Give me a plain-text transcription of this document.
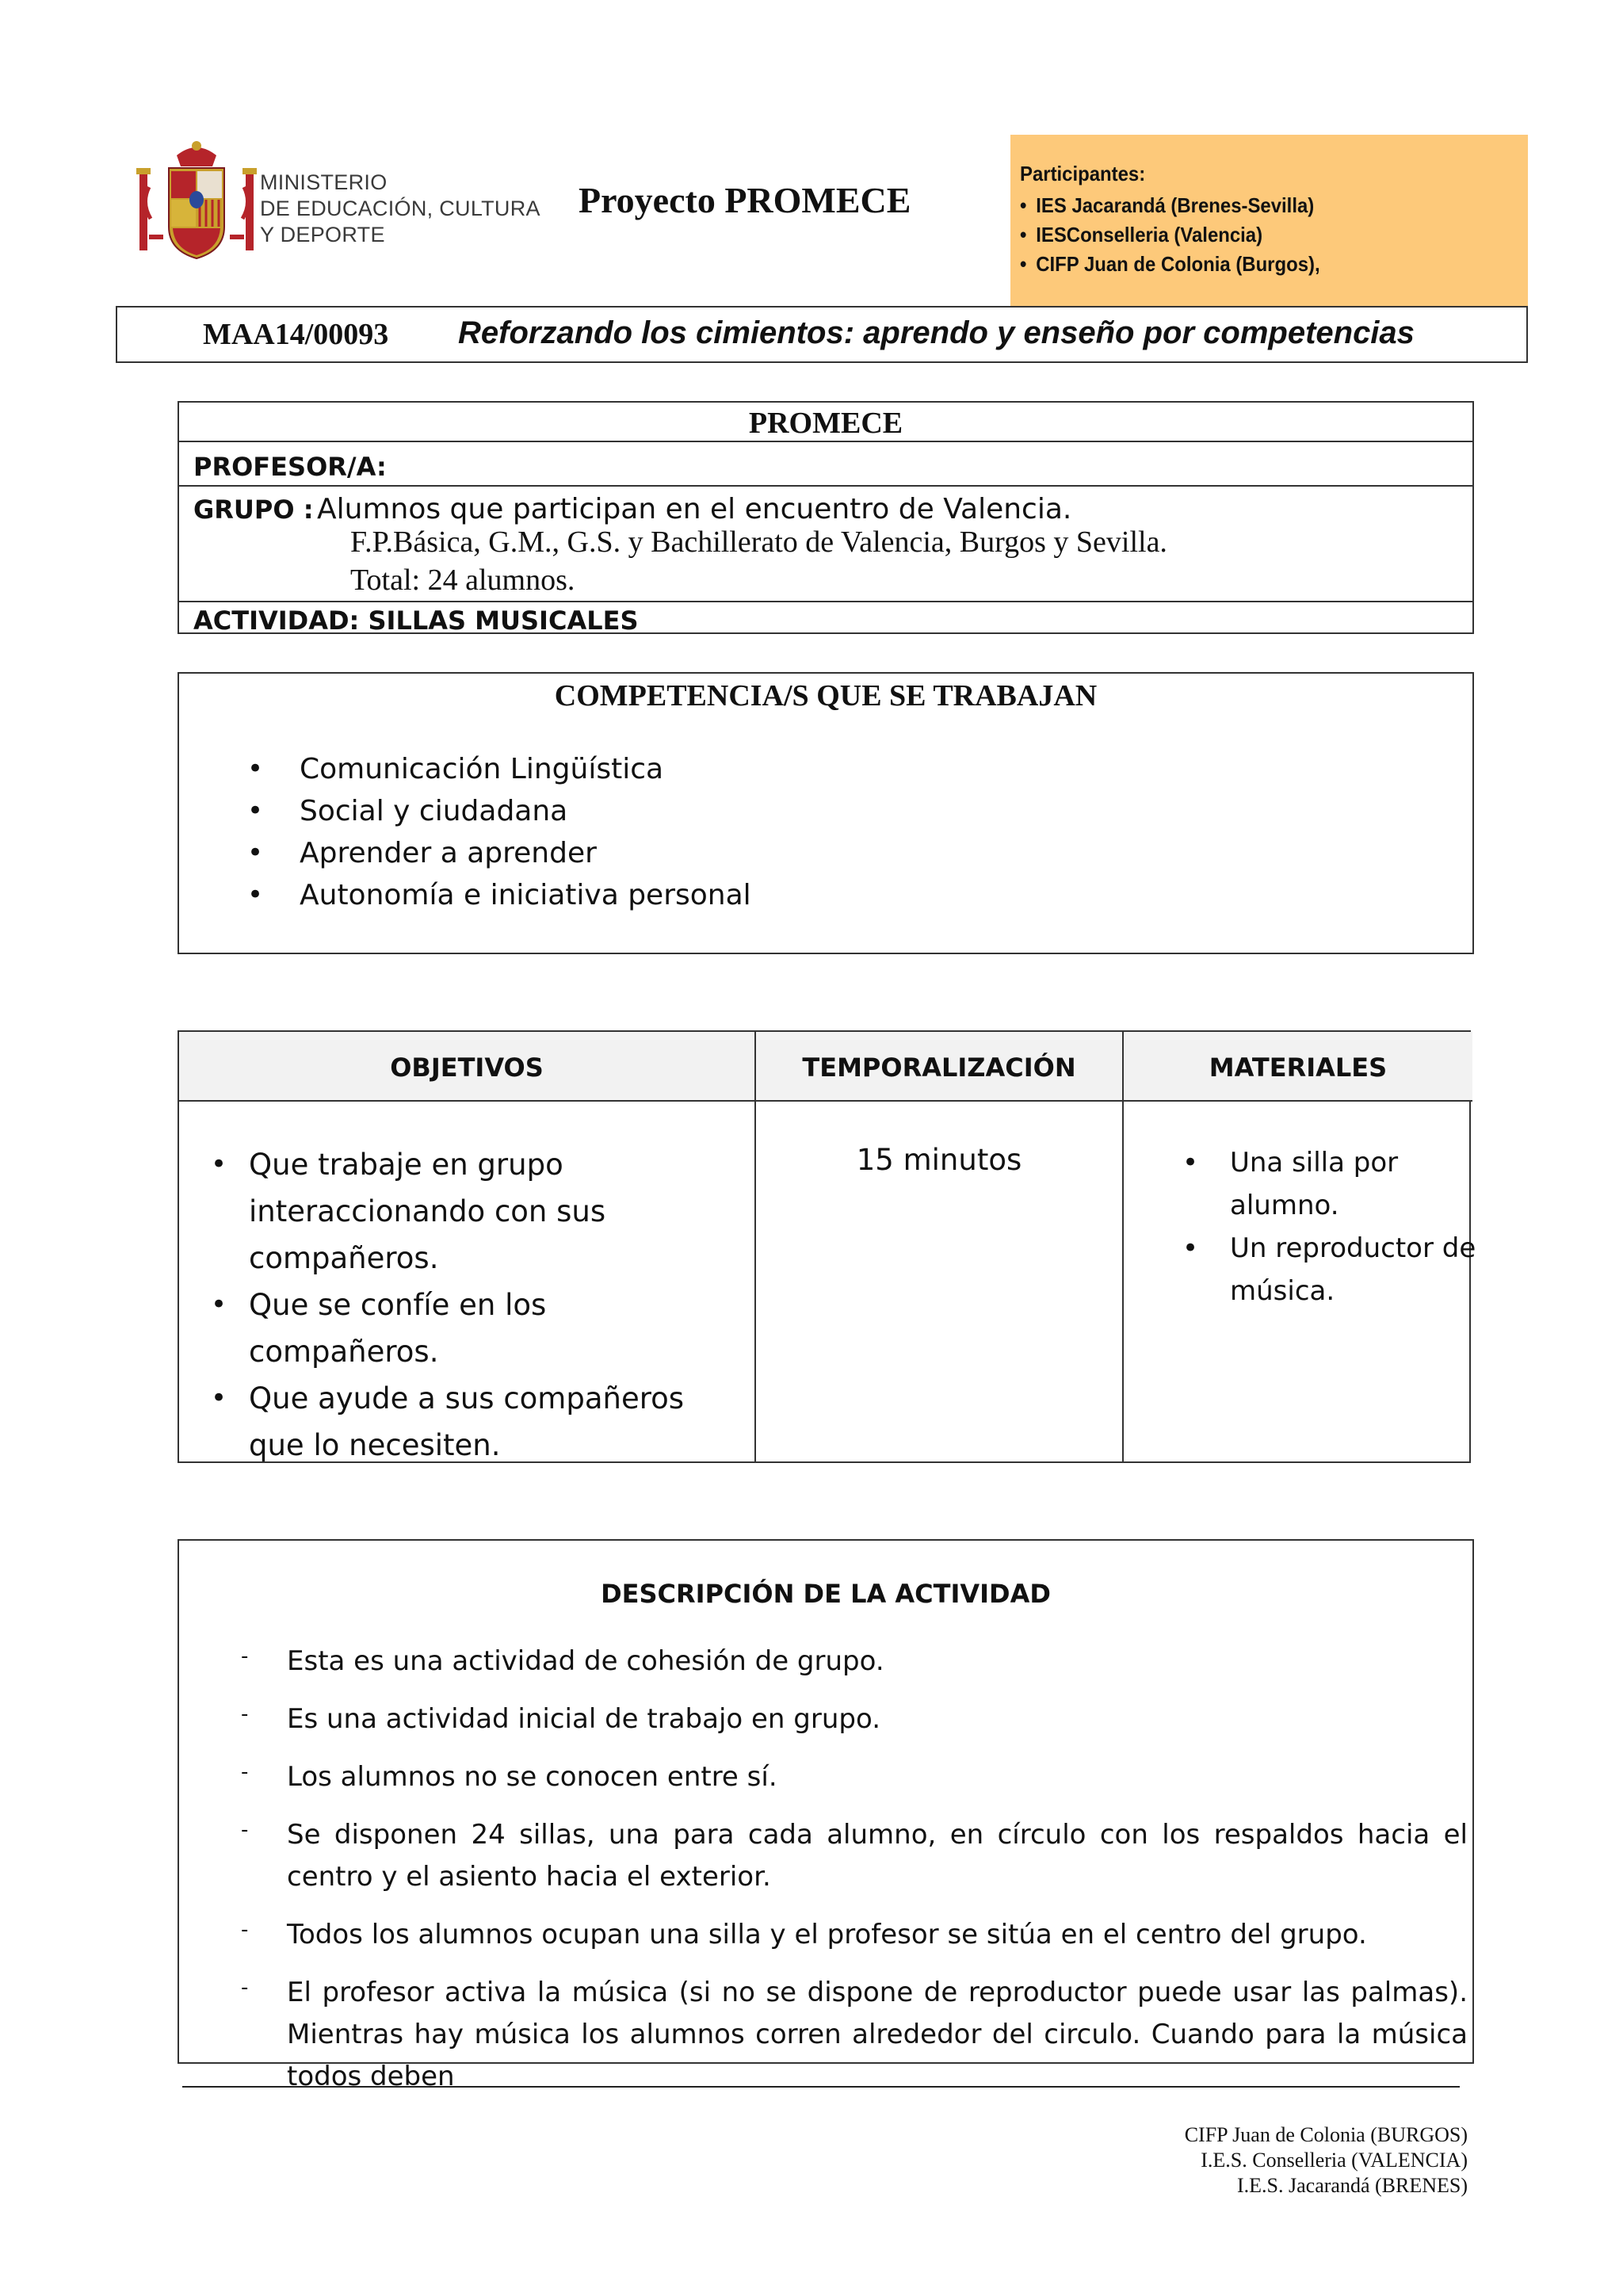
MINISTERIO
DE EDUCACIÓN, CULTURA
Y DEPORTE
Proyecto PROMECE
Participantes:
• IES Jacarandá (Brenes-Sevilla)
• IESConselleria (Valencia)
• CIFP Juan de Colonia (Burgos),
MAA14/00093 Reforzando los cimientos: aprendo y enseño por competencias
PROMECE
PROFESOR/A:
GRUPO : Alumnos que participan en el encuentro de Valencia.
F.P.Básica, G.M., G.S. y Bachillerato de Valencia, Burgos y Sevilla.
Total: 24 alumnos.
ACTIVIDAD: SILLAS MUSICALES
COMPETENCIA/S QUE SE TRABAJAN
• Comunicación Lingüística
• Social y ciudadana
• Aprender a aprender
• Autonomía e iniciativa personal
OBJETIVOS
• Que trabaje en grupo interaccionando con sus compañeros.
• Que se confíe en los compañeros.
• Que ayude a sus compañeros que lo necesiten.
TEMPORALIZACIÓN
15 minutos
MATERIALES
• Una silla por alumno.
• Un reproductor de música.
DESCRIPCIÓN DE LA ACTIVIDAD
- Esta es una actividad de cohesión de grupo.
- Es una actividad inicial de trabajo en grupo.
- Los alumnos no se conocen entre sí.
- Se disponen 24 sillas, una para cada alumno, en círculo con los respaldos hacia el centro y el asiento hacia el exterior.
- Todos los alumnos ocupan una silla y el profesor se sitúa en el centro del grupo.
- El profesor activa la música (si no se dispone de reproductor puede usar las palmas). Mientras hay música los alumnos corren alrededor del circulo. Cuando para la música todos deben
CIFP Juan de Colonia (BURGOS)
I.E.S. Conselleria (VALENCIA)
I.E.S. Jacarandá (BRENES)
